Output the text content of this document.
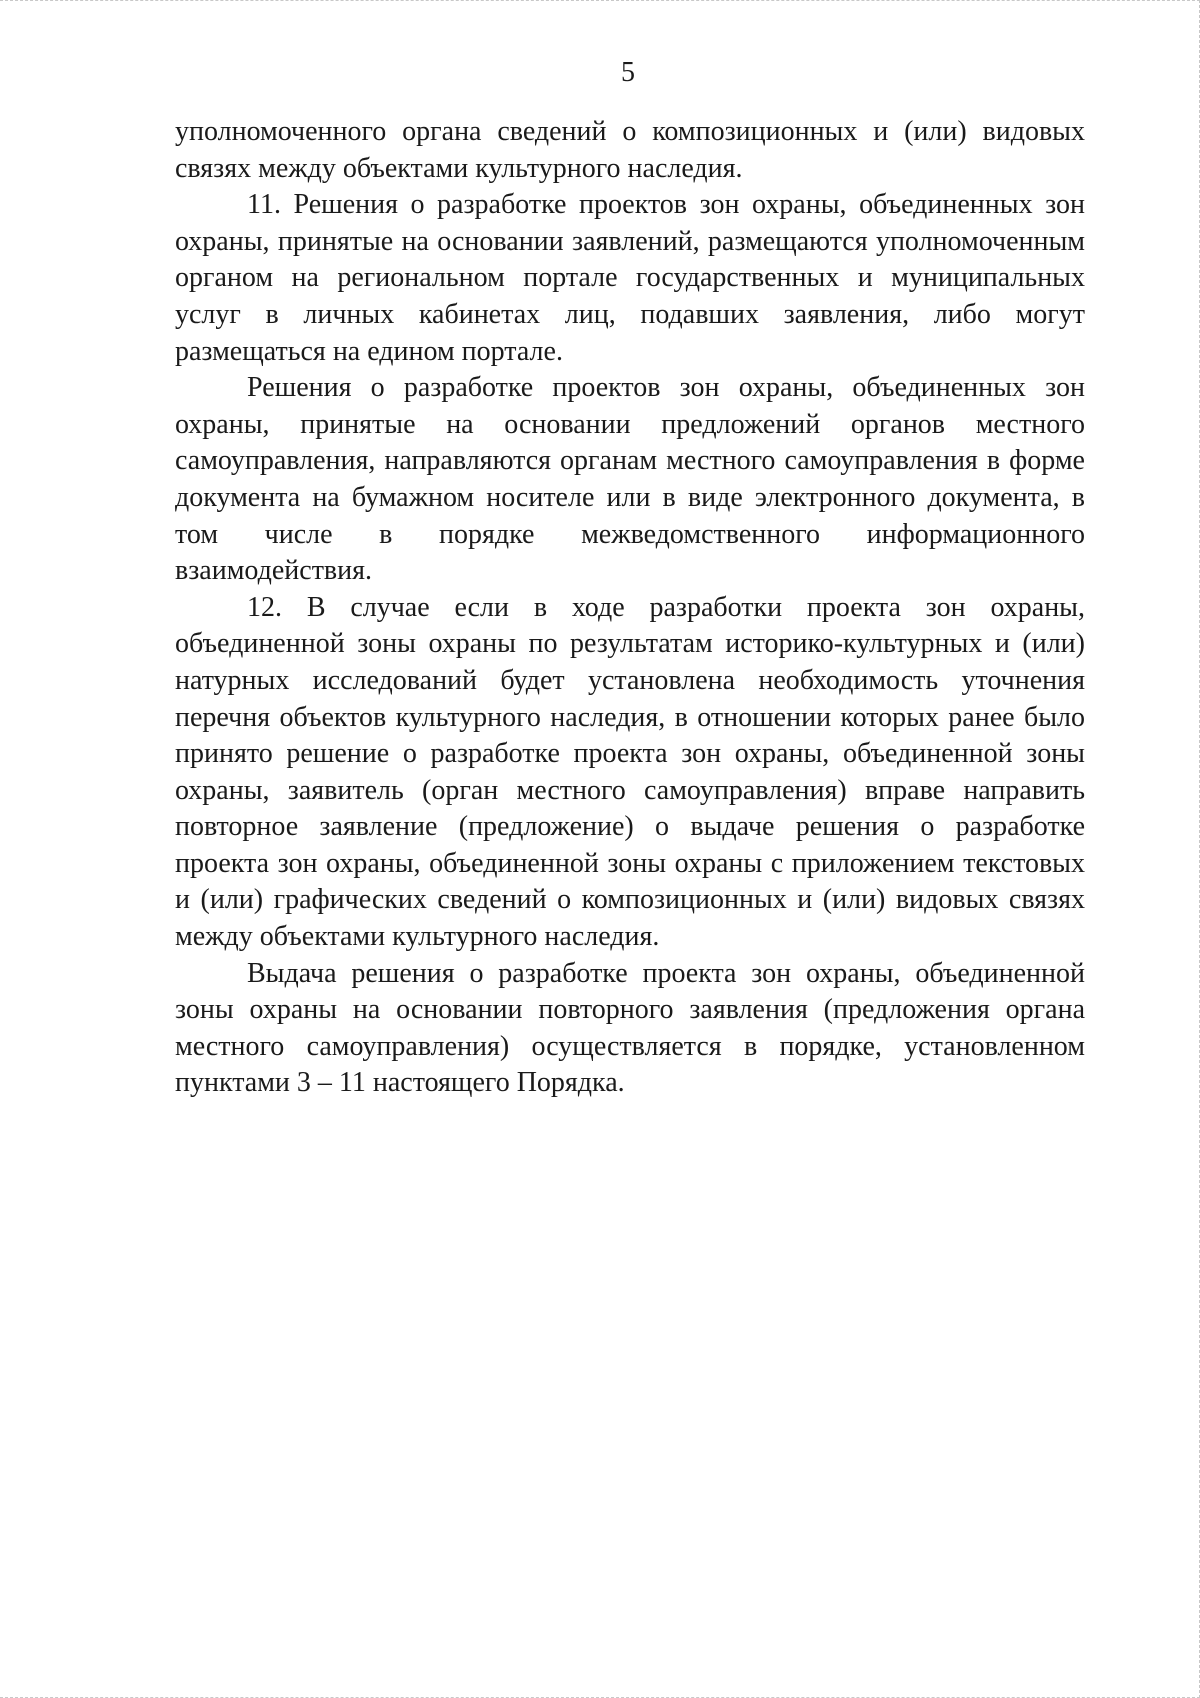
5

уполномоченного органа сведений о композиционных и (или) видовых связях между объектами культурного наследия.

11. Решения о разработке проектов зон охраны, объединенных зон охраны, принятые на основании заявлений, размещаются уполномоченным органом на региональном портале государственных и муниципальных услуг в личных кабинетах лиц, подавших заявления, либо могут размещаться на едином портале.

Решения о разработке проектов зон охраны, объединенных зон охраны, принятые на основании предложений органов местного самоуправления, направляются органам местного самоуправления в форме документа на бумажном носителе или в виде электронного документа, в том числе в порядке межведомственного информационного взаимодействия.

12. В случае если в ходе разработки проекта зон охраны, объединенной зоны охраны по результатам историко-культурных и (или) натурных исследований будет установлена необходимость уточнения перечня объектов культурного наследия, в отношении которых ранее было принято решение о разработке проекта зон охраны, объединенной зоны охраны, заявитель (орган местного самоуправления) вправе направить повторное заявление (предложение) о выдаче решения о разработке проекта зон охраны, объединенной зоны охраны с приложением текстовых и (или) графических сведений о композиционных и (или) видовых связях между объектами культурного наследия.

Выдача решения о разработке проекта зон охраны, объединенной зоны охраны на основании повторного заявления (предложения органа местного самоуправления) осуществляется в порядке, установленном пунктами 3 – 11 настоящего Порядка.
